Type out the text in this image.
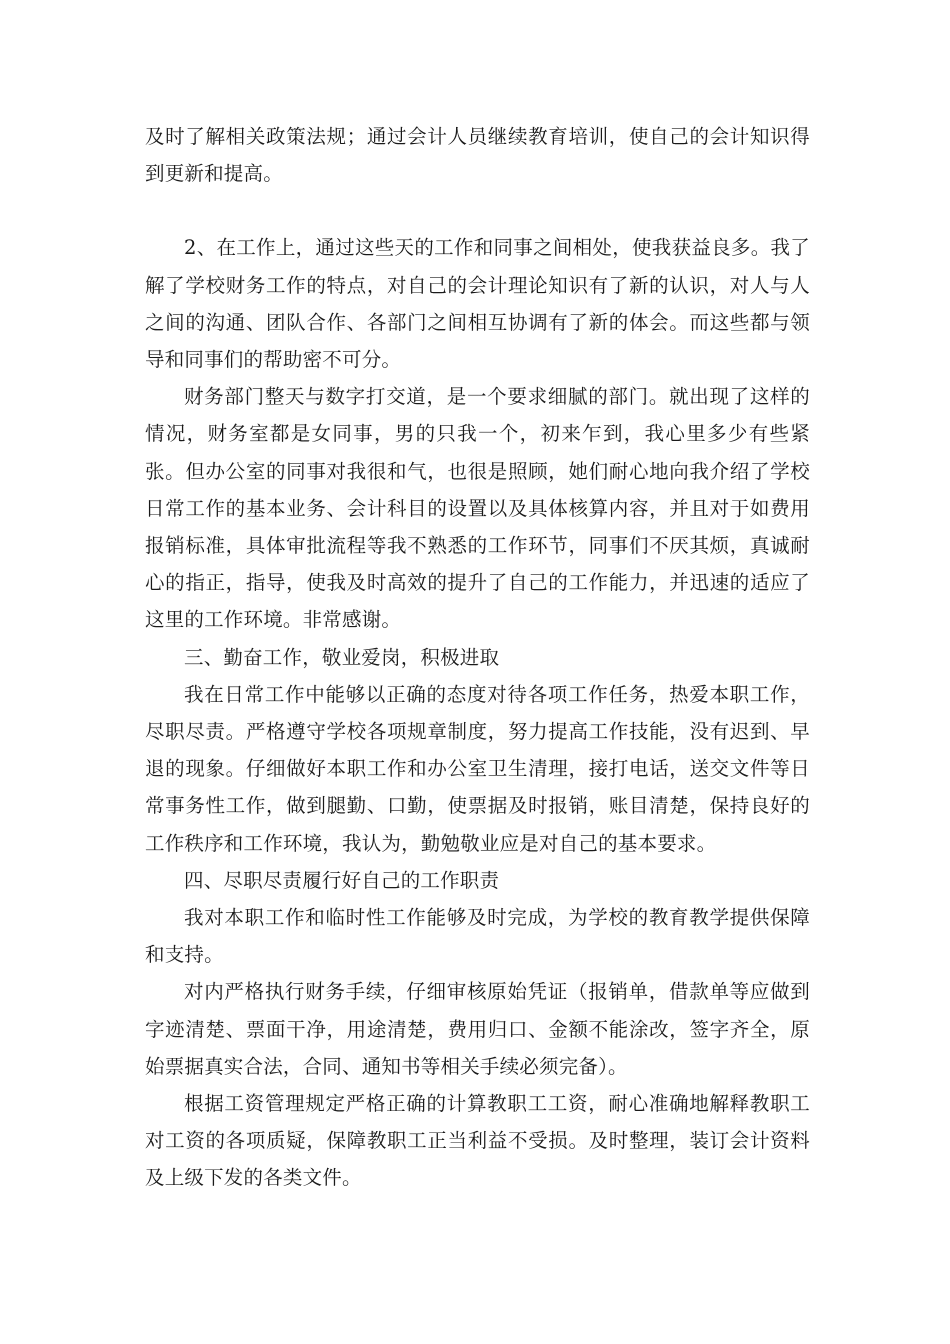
及时了解相关政策法规；通过会计人员继续教育培训，使自己的会计知识得到更新和提高。

2、在工作上，通过这些天的工作和同事之间相处，使我获益良多。我了解了学校财务工作的特点，对自己的会计理论知识有了新的认识，对人与人之间的沟通、团队合作、各部门之间相互协调有了新的体会。而这些都与领导和同事们的帮助密不可分。

财务部门整天与数字打交道，是一个要求细腻的部门。就出现了这样的情况，财务室都是女同事，男的只我一个，初来乍到，我心里多少有些紧张。但办公室的同事对我很和气，也很是照顾，她们耐心地向我介绍了学校日常工作的基本业务、会计科目的设置以及具体核算内容，并且对于如费用报销标准，具体审批流程等我不熟悉的工作环节，同事们不厌其烦，真诚耐心的指正，指导，使我及时高效的提升了自己的工作能力，并迅速的适应了这里的工作环境。非常感谢。

三、勤奋工作，敬业爱岗，积极进取

我在日常工作中能够以正确的态度对待各项工作任务，热爱本职工作，尽职尽责。严格遵守学校各项规章制度，努力提高工作技能，没有迟到、早退的现象。仔细做好本职工作和办公室卫生清理，接打电话，送交文件等日常事务性工作，做到腿勤、口勤，使票据及时报销，账目清楚，保持良好的工作秩序和工作环境，我认为，勤勉敬业应是对自己的基本要求。

四、尽职尽责履行好自己的工作职责

我对本职工作和临时性工作能够及时完成，为学校的教育教学提供保障和支持。

对内严格执行财务手续，仔细审核原始凭证（报销单，借款单等应做到字迹清楚、票面干净，用途清楚，费用归口、金额不能涂改，签字齐全，原始票据真实合法，合同、通知书等相关手续必须完备）。

根据工资管理规定严格正确的计算教职工工资，耐心准确地解释教职工对工资的各项质疑，保障教职工正当利益不受损。及时整理，装订会计资料及上级下发的各类文件。
